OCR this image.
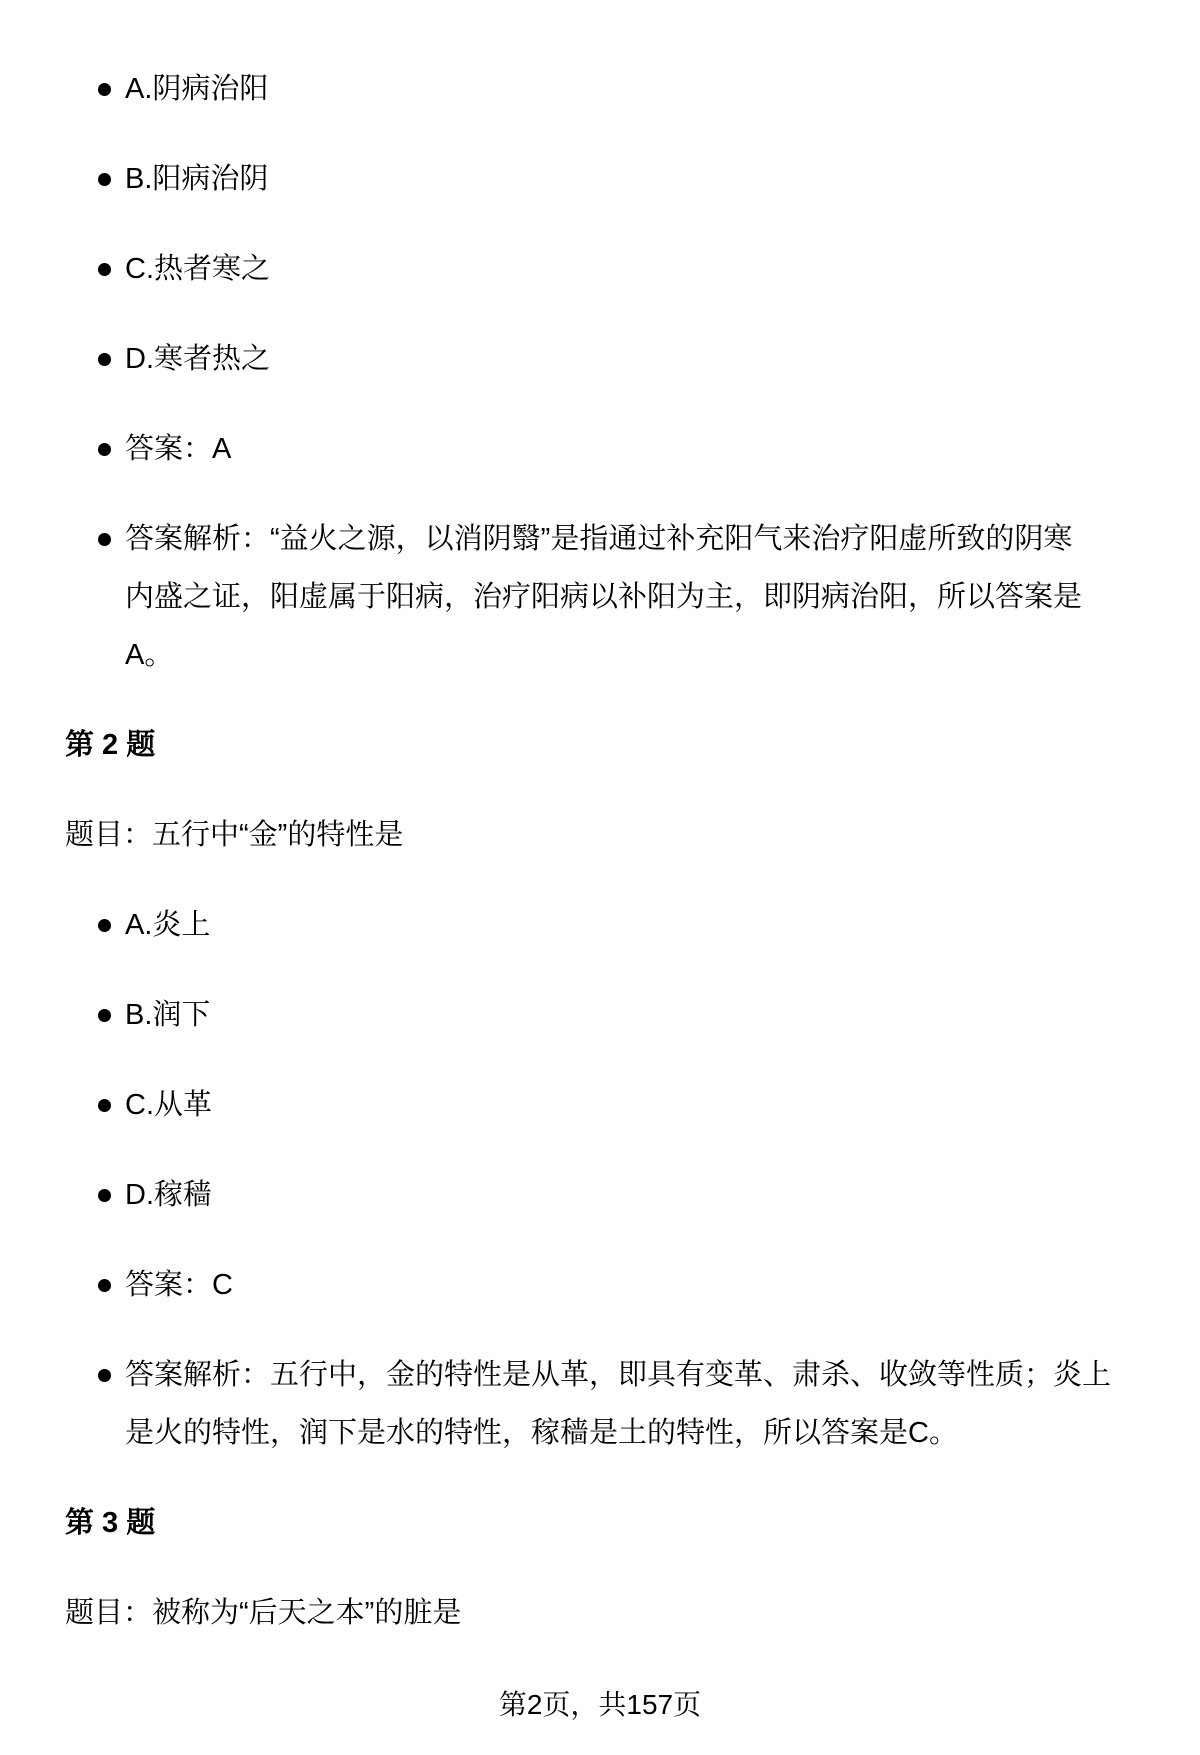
A.阴病治阳
B.阳病治阴
C.热者寒之
D.寒者热之
答案：A
答案解析：“益火之源，以消阴翳”是指通过补充阳气来治疗阳虚所致的阴寒
内盛之证，阳虚属于阳病，治疗阳病以补阳为主，即阴病治阳，所以答案是
A。
第 2 题

题目：五行中“金”的特性是

A.炎上
B.润下
C.从革
D.稼穑
答案：C
答案解析：五行中，金的特性是从革，即具有变革、肃杀、收敛等性质；炎上
是火的特性，润下是水的特性，稼穑是土的特性，所以答案是C。
第 3 题

题目：被称为“后天之本”的脏是

第2页，共157页
